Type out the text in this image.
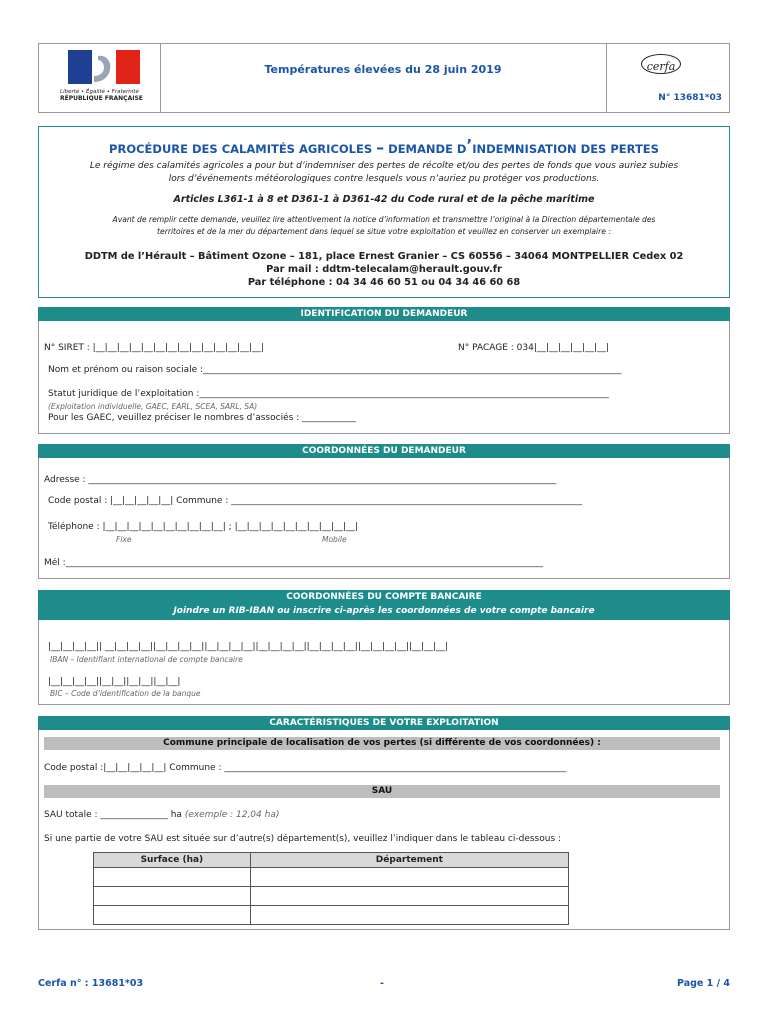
Liberté • Égalité • Fraternité
RÉPUBLIQUE FRANÇAISE
Températures élevées du 28 juin 2019	cerfa
N° 13681*03
PROCÉDURE DES CALAMITÉS AGRICOLES – DEMANDE D’INDEMNISATION DES PERTES
Le régime des calamités agricoles a pour but d’indemniser des pertes de récolte et/ou des pertes de fonds que vous auriez subies
lors d’événements météorologiques contre lesquels vous n’auriez pu protéger vos productions.
Articles L361-1 à 8 et D361-1 à D361-42 du Code rural et de la pêche maritime
Avant de remplir cette demande, veuillez lire attentivement la notice d’information et transmettre l’original à la Direction départementale des
territoires et de la mer du département dans lequel se situe votre exploitation et veuillez en conserver un exemplaire :
DDTM de l’Hérault – Bâtiment Ozone – 181, place Ernest Granier – CS 60556 – 34064 MONTPELLIER Cedex 02
Par mail : ddtm-telecalam@herault.gouv.fr
Par téléphone : 04 34 46 60 51 ou 04 34 46 60 68
IDENTIFICATION DU DEMANDEUR
N° SIRET : |__|__|__|__|__|__|__|__|__|__|__|__|__|__|	N° PACAGE : 034|__|__|__|__|__|__|
Nom et prénom ou raison sociale :_____________________________________________________________________________________________
Statut juridique de l’exploitation :___________________________________________________________________________________________
(Exploitation individuelle, GAEC, EARL, SCEA, SARL, SA)
Pour les GAEC, veuillez préciser le nombres d’associés : ____________
COORDONNÉES DU DEMANDEUR
Adresse : ________________________________________________________________________________________________________
Code postal : |__|__|__|__|__| Commune : ______________________________________________________________________________
Téléphone : |__|__|__|__|__|__|__|__|__|__| ; |__|__|__|__|__|__|__|__|__|__|
Fixe	Mobile
Mél :__________________________________________________________________________________________________________
COORDONNÉES DU COMPTE BANCAIRE
Joindre un RIB-IBAN ou inscrire ci-après les coordonnées de votre compte bancaire
|__|__|__|__|| __|__|__|__||__|__|__|__||__|__|__|__||__|__|__|__||__|__|__|__||__|__|__|__||__|__|__|
IBAN – Identifiant international de compte bancaire
|__|__|__|__||__|__||__|__||__|__|
BIC – Code d’identification de la banque
CARACTÉRISTIQUES DE VOTRE EXPLOITATION
Commune principale de localisation de vos pertes (si différente de vos coordonnées) :
Code postal :|__|__|__|__|__| Commune : ____________________________________________________________________________
SAU
SAU totale : _______________ ha (exemple : 12,04 ha)
Si une partie de votre SAU est située sur d’autre(s) département(s), veuillez l’indiquer dans le tableau ci-dessous :
Surface (ha)	Département

Cerfa n° : 13681*03	-	Page 1 / 4
